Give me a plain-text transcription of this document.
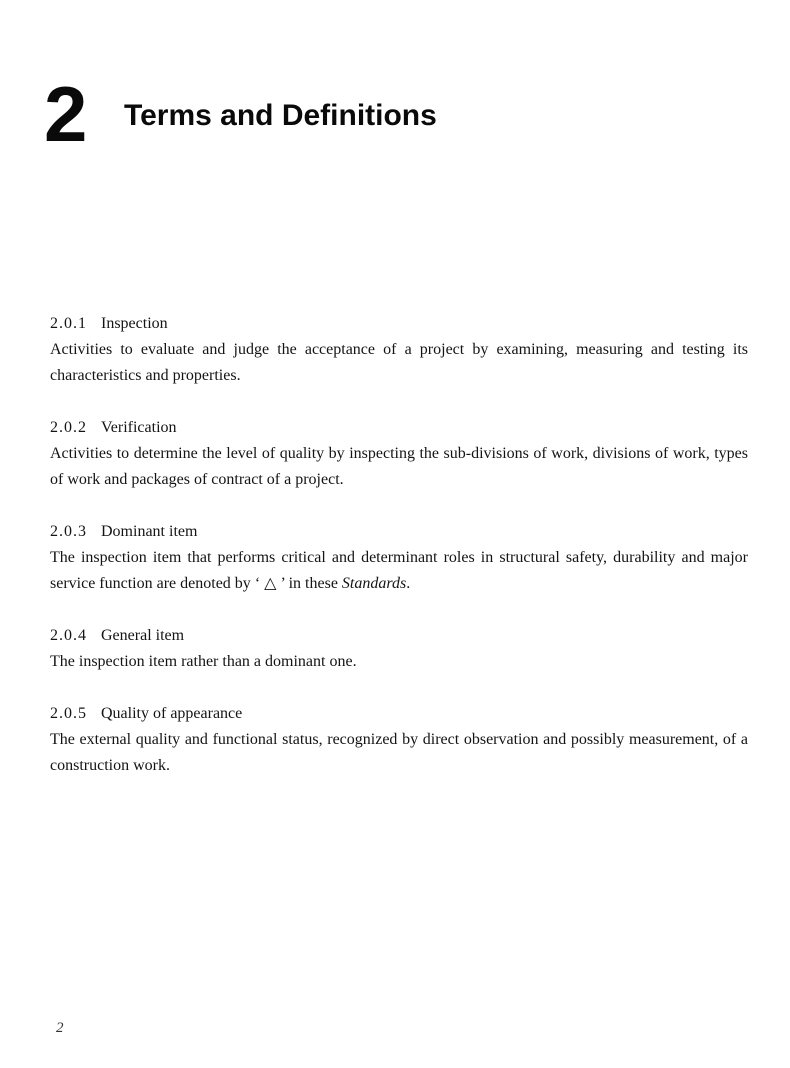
2 Terms and Definitions
2.0.1 Inspection

Activities to evaluate and judge the acceptance of a project by examining, measuring and testing its characteristics and properties.

2.0.2 Verification

Activities to determine the level of quality by inspecting the sub-divisions of work, divisions of work, types of work and packages of contract of a project.

2.0.3 Dominant item

The inspection item that performs critical and determinant roles in structural safety, durability and major service function are denoted by ‘ △ ’ in these Standards.

2.0.4 General item

The inspection item rather than a dominant one.

2.0.5 Quality of appearance

The external quality and functional status, recognized by direct observation and possibly measurement, of a construction work.

2
